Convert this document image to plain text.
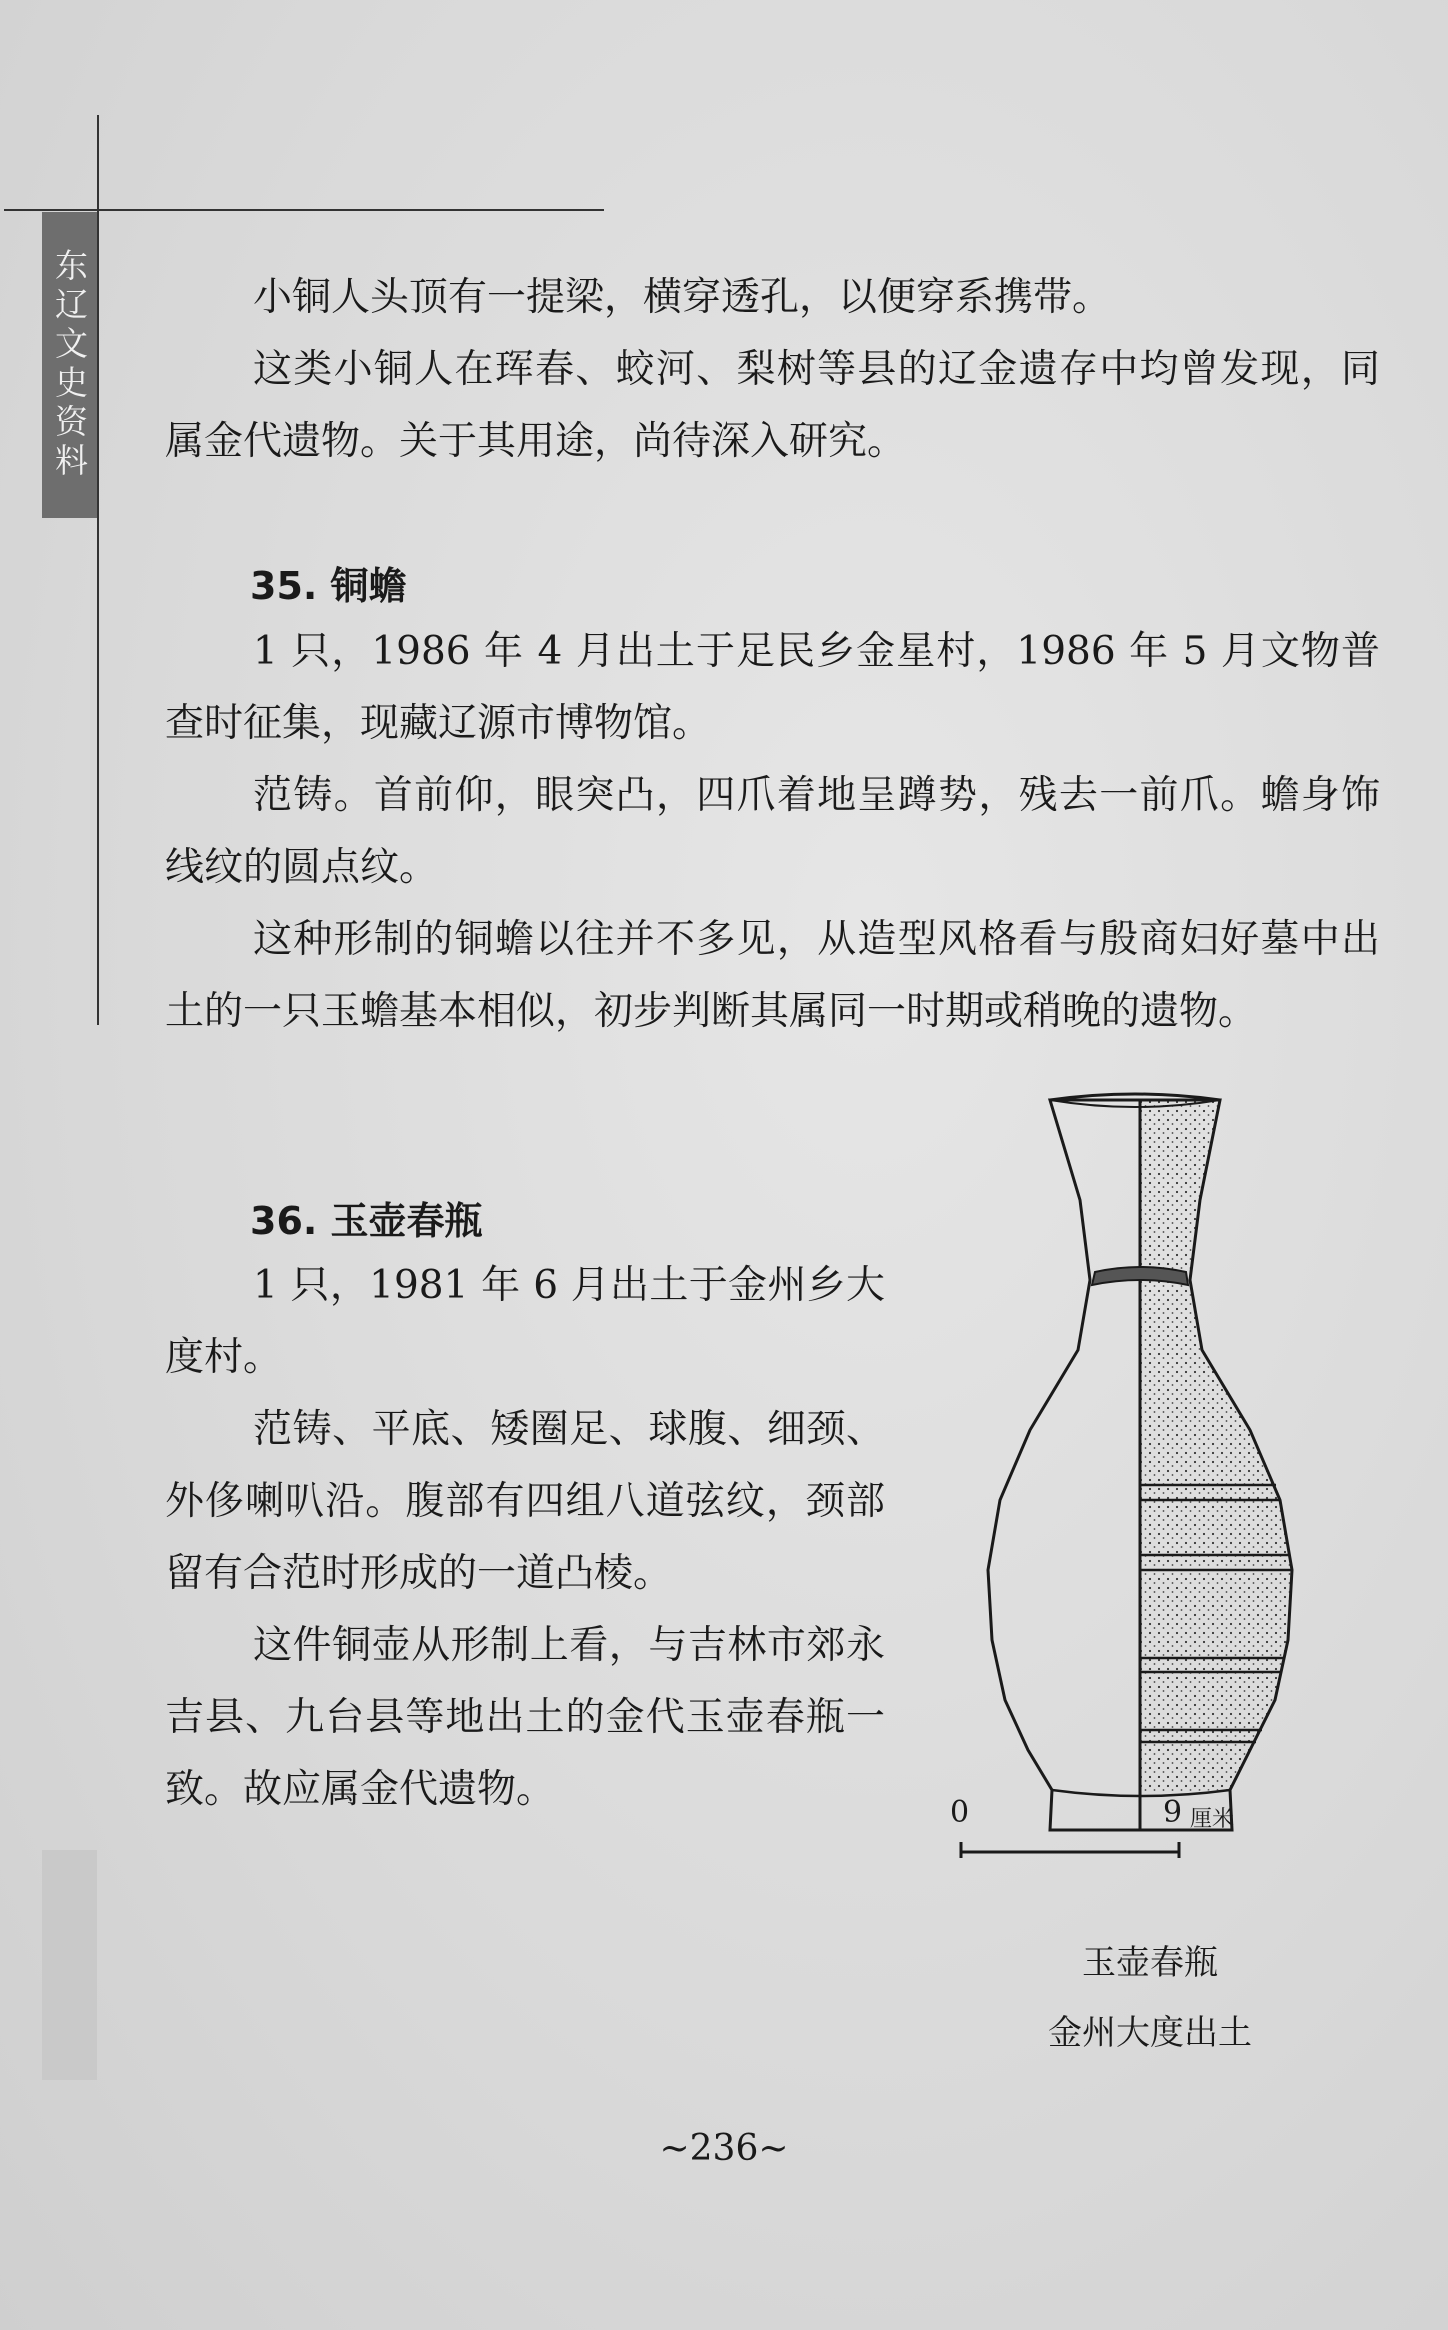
东辽文史资料	小铜人头顶有一提梁，横穿透孔，以便穿系携带。

这类小铜人在珲春、蛟河、梨树等县的辽金遗存中均曾发现，同属金代遗物。关于其用途，尚待深入研究。

35. 铜蟾

1 只，1986 年 4 月出土于足民乡金星村，1986 年 5 月文物普查时征集，现藏辽源市博物馆。

范铸。首前仰，眼突凸，四爪着地呈蹲势，残去一前爪。蟾身饰线纹的圆点纹。

这种形制的铜蟾以往并不多见，从造型风格看与殷商妇好墓中出土的一只玉蟾基本相似，初步判断其属同一时期或稍晚的遗物。

36. 玉壶春瓶

1 只，1981 年 6 月出土于金州乡大度村。

范铸、平底、矮圈足、球腹、细颈、外侈喇叭沿。腹部有四组八道弦纹，颈部留有合范时形成的一道凸棱。

这件铜壶从形制上看，与吉林市郊永吉县、九台县等地出土的金代玉壶春瓶一致。故应属金代遗物。

0	9 厘米

玉壶春瓶

金州大度出土

~236~
